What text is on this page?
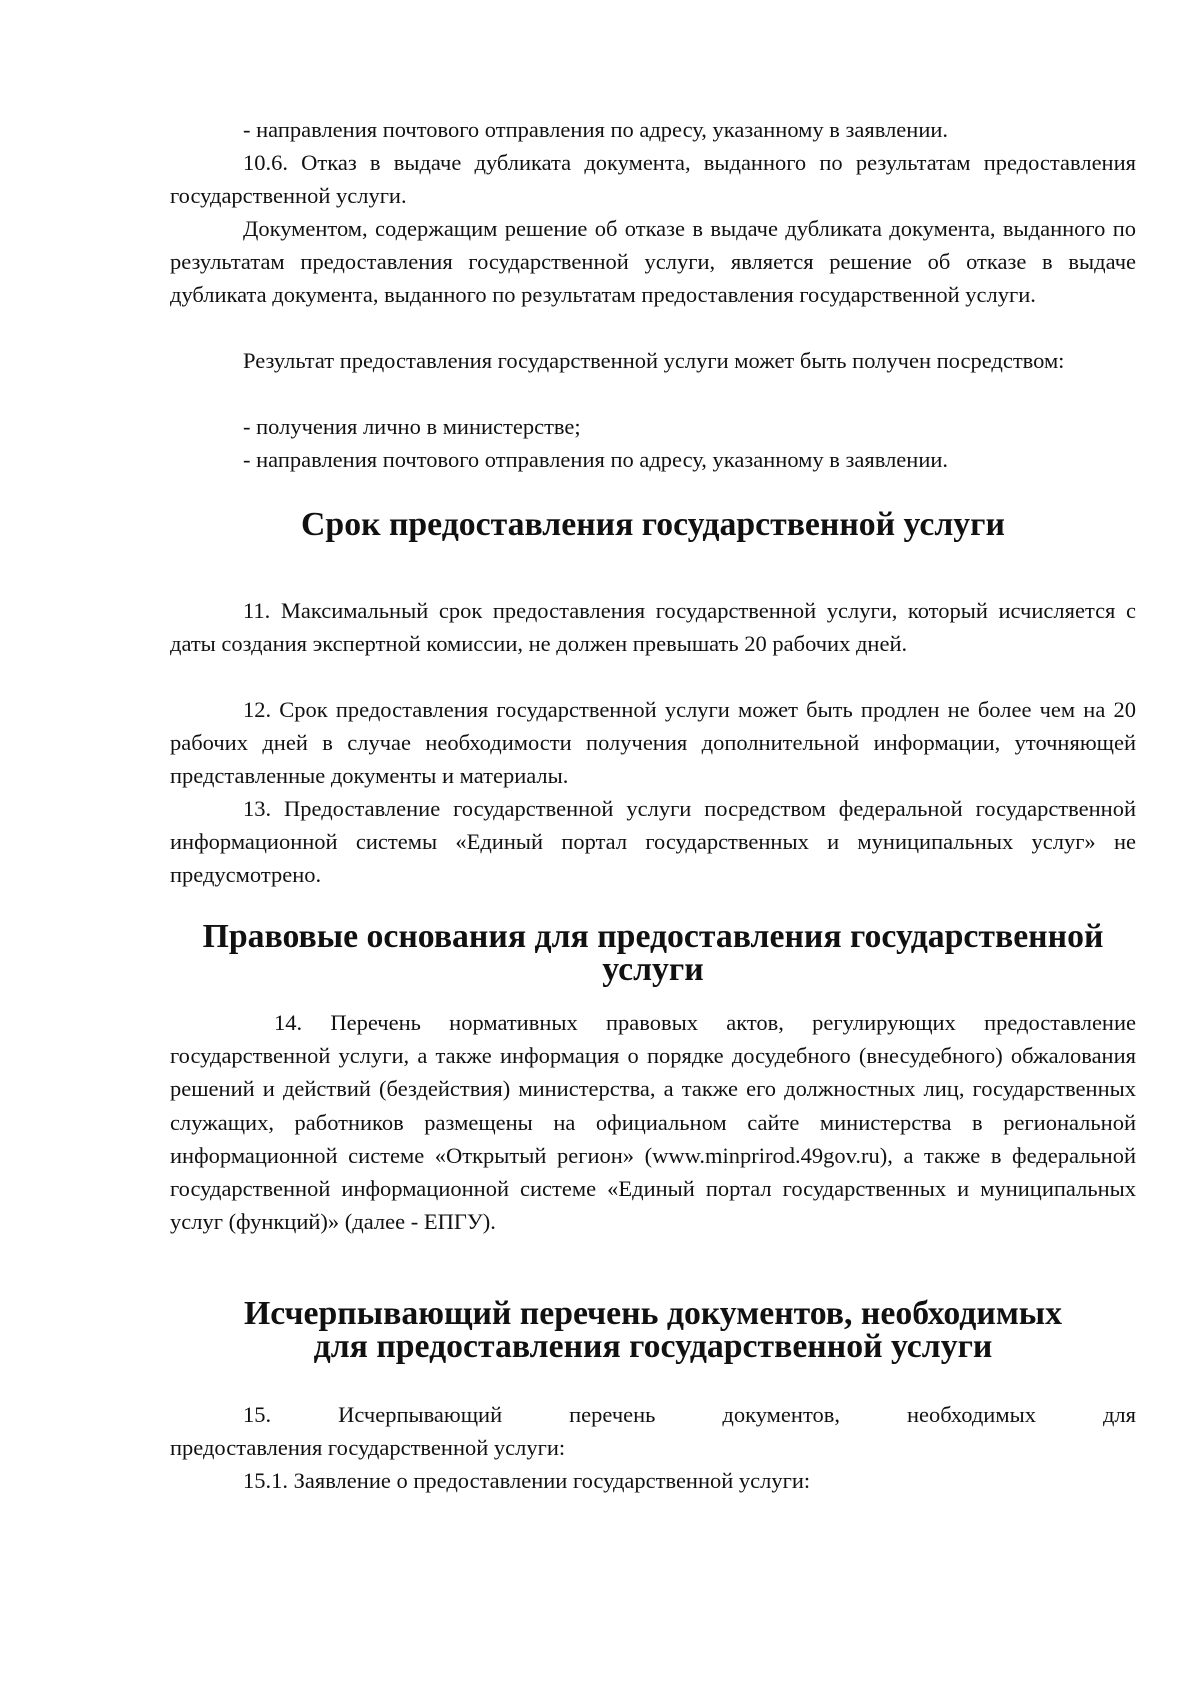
- направления почтового отправления по адресу, указанному в заявлении.

10.6. Отказ в выдаче дубликата документа, выданного по результатам предоставления государственной услуги.

Документом, содержащим решение об отказе в выдаче дубликата документа, выданного по результатам предоставления государственной услуги, является решение об отказе в выдаче дубликата документа, выданного по результатам предоставления государственной услуги.

Результат предоставления государственной услуги может быть получен посредством:

- получения лично в министерстве;

- направления почтового отправления по адресу, указанному в заявлении.

Срок предоставления государственной услуги

11. Максимальный срок предоставления государственной услуги, который исчисляется с даты создания экспертной комиссии, не должен превышать 20 рабочих дней.

12. Срок предоставления государственной услуги может быть продлен не более чем на 20 рабочих дней в случае необходимости получения дополнительной информации, уточняющей представленные документы и материалы.

13. Предоставление государственной услуги посредством федеральной государственной информационной системы «Единый портал государственных и муниципальных услуг» не предусмотрено.

Правовые основания для предоставления государственной услуги

14. Перечень нормативных правовых актов, регулирующих предоставление государственной услуги, а также информация о порядке досудебного (внесудебного) обжалования решений и действий (бездействия) министерства, а также его должностных лиц, государственных служащих, работников размещены на официальном сайте министерства в региональной информационной системе «Открытый регион» (www.minprirod.49gov.ru), а также в федеральной государственной информационной системе «Единый портал государственных и муниципальных услуг (функций)» (далее - ЕПГУ).

Исчерпывающий перечень документов, необходимых
для предоставления государственной услуги
15.	Исчерпывающий	перечень	документов,	необходимых	для

предоставления государственной услуги:

15.1. Заявление о предоставлении государственной услуги:
